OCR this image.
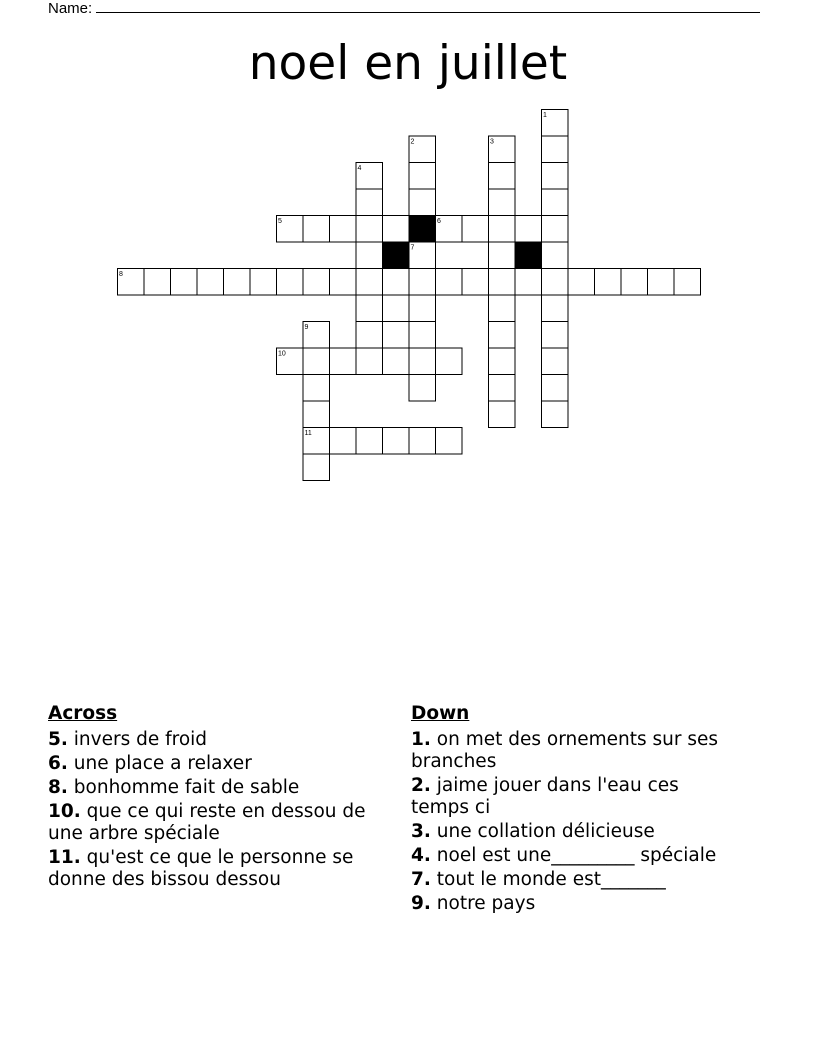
Name:
noel en juillet
1
2	3
4
5	6
7
8
9
10
11
Across
5. invers de froid
6. une place a relaxer
8. bonhomme fait de sable
10. que ce qui reste en dessou de une arbre spéciale
11. qu'est ce que le personne se donne des bissou dessou
Down
1. on met des ornements sur ses branches
2. jaime jouer dans l'eau ces temps ci
3. une collation délicieuse
4. noel est une_________ spéciale
7. tout le monde est_______
9. notre pays
